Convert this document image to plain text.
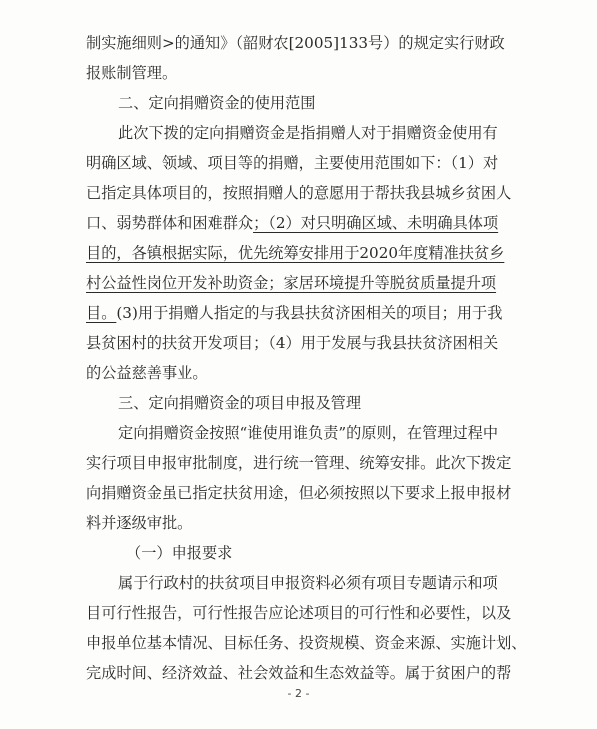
制实施细则>的通知》（韶财农[2005]133号）的规定实行财政
报账制管理。
二、定向捐赠资金的使用范围
此次下拨的定向捐赠资金是指捐赠人对于捐赠资金使用有
明确区域、领域、项目等的捐赠，主要使用范围如下：（1）对
已指定具体项目的，按照捐赠人的意愿用于帮扶我县城乡贫困人
口、弱势群体和困难群众；（2）对只明确区域、未明确具体项
目的，各镇根据实际，优先统筹安排用于2020年度精准扶贫乡
村公益性岗位开发补助资金；家居环境提升等脱贫质量提升项
目。(3)用于捐赠人指定的与我县扶贫济困相关的项目；用于我
县贫困村的扶贫开发项目；（4）用于发展与我县扶贫济困相关
的公益慈善事业。
三、定向捐赠资金的项目申报及管理
定向捐赠资金按照“谁使用谁负责”的原则，在管理过程中
实行项目申报审批制度，进行统一管理、统筹安排。此次下拨定
向捐赠资金虽已指定扶贫用途，但必须按照以下要求上报申报材
料并逐级审批。
（一）申报要求
属于行政村的扶贫项目申报资料必须有项目专题请示和项
目可行性报告，可行性报告应论述项目的可行性和必要性，以及
申报单位基本情况、目标任务、投资规模、资金来源、实施计划、
完成时间、经济效益、社会效益和生态效益等。属于贫困户的帮
- 2 -
